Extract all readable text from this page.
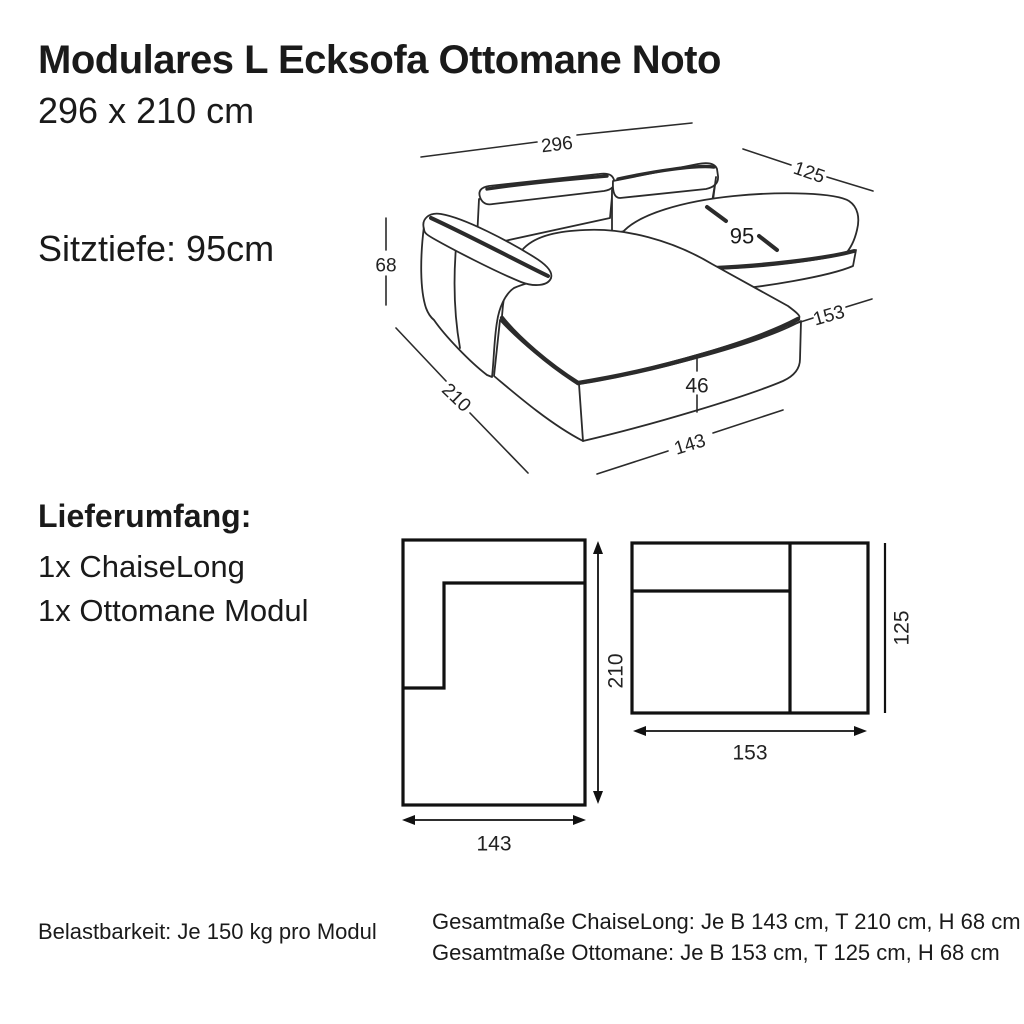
Modulares L Ecksofa Ottomane Noto
296 x 210 cm
Sitztiefe: 95cm
Lieferumfang:
1x ChaiseLong
1x Ottomane Modul
Belastbarkeit: Je 150 kg pro Modul	Gesamtmaße ChaiseLong: Je B 143 cm, T 210 cm, H 68 cm
Gesamtmaße Ottomane: Je B 153 cm, T 125 cm, H 68 cm
296
125
95
68
153
46
143
210
210
143
125
153
